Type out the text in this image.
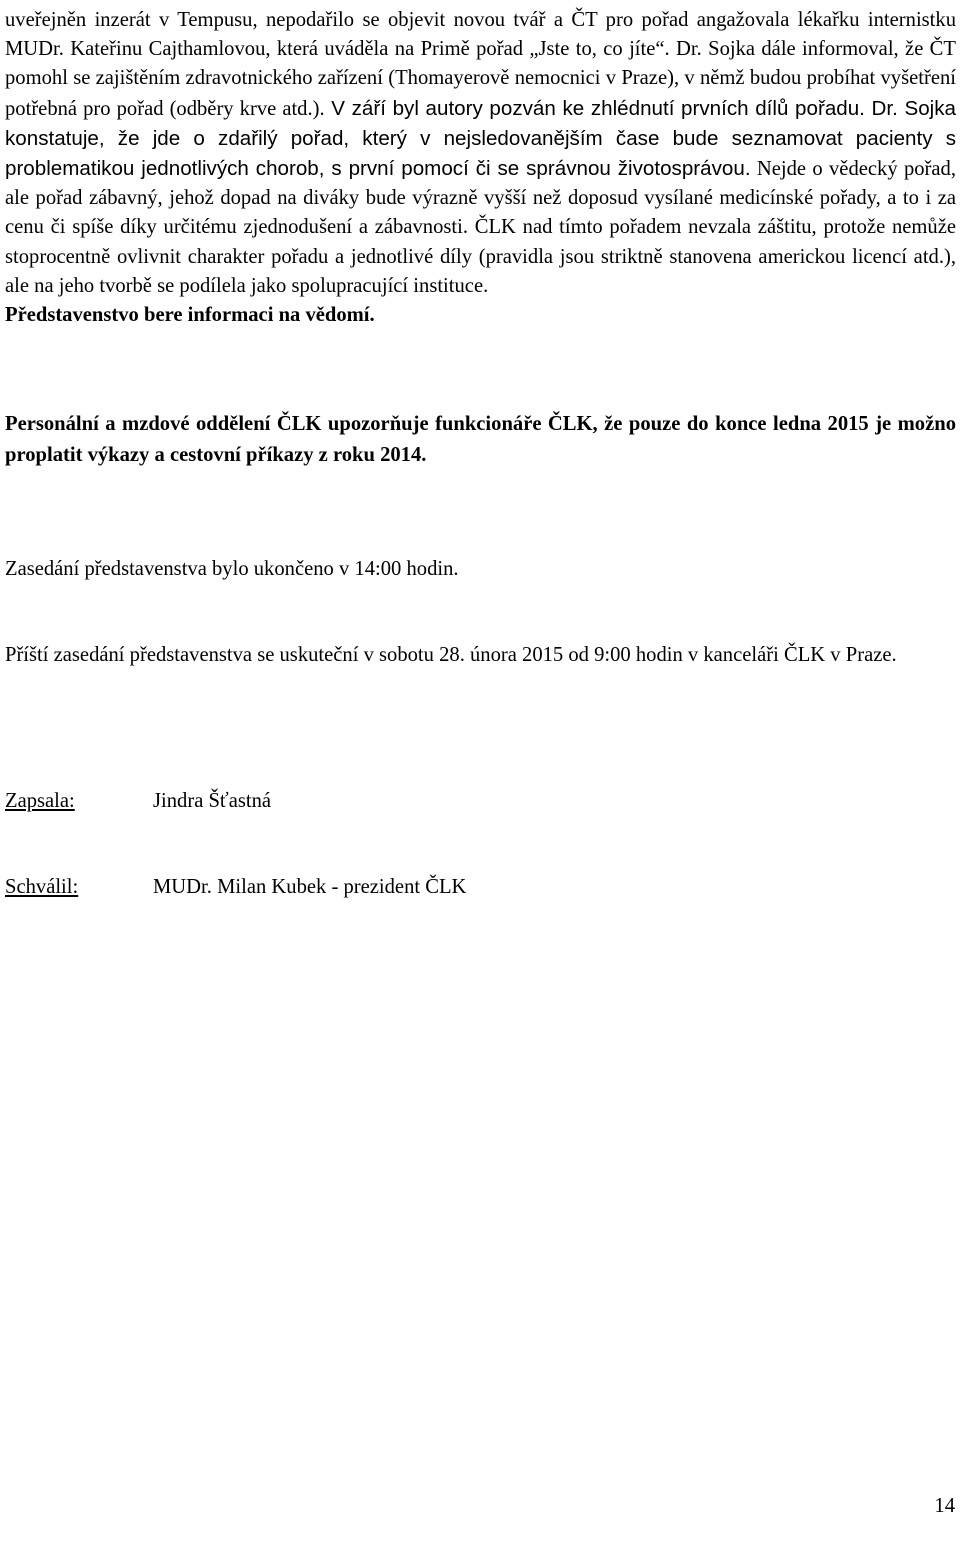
uveřejněn inzerát v Tempusu, nepodařilo se objevit novou tvář a ČT pro pořad angažovala lékařku internistku MUDr. Kateřinu Cajthamlovou, která uváděla na Primě pořad „Jste to, co jíte“. Dr. Sojka dále informoval, že ČT pomohl se zajištěním zdravotnického zařízení (Thomayerově nemocnici v Praze), v němž budou probíhat vyšetření potřebná pro pořad (odběry krve atd.). V září byl autory pozván ke zhlédnutí prvních dílů pořadu. Dr. Sojka konstatuje, že jde o zdařilý pořad, který v nejsledovanějším čase bude seznamovat pacienty s problematikou jednotlivých chorob, s první pomocí či se správnou životosprávou. Nejde o vědecký pořad, ale pořad zábavný, jehož dopad na diváky bude výrazně vyšší než doposud vysílané medicínské pořady, a to i za cenu či spíše díky určitému zjednodušení a zábavnosti. ČLK nad tímto pořadem nevzala záštitu, protože nemůže stoprocentně ovlivnit charakter pořadu a jednotlivé díly (pravidla jsou striktně stanovena americkou licencí atd.), ale na jeho tvorbě se podílela jako spolupracující instituce.
Představenstvo bere informaci na vědomí.

Personální a mzdové oddělení ČLK upozorňuje funkcionáře ČLK, že pouze do konce ledna 2015 je možno proplatit výkazy a cestovní příkazy z roku 2014.

Zasedání představenstva bylo ukončeno v 14:00 hodin.

Příští zasedání představenstva se uskuteční v sobotu 28. února 2015 od 9:00 hodin v kanceláři ČLK v Praze.

Zapsala:	Jindra Šťastná
Schválil:	MUDr. Milan Kubek - prezident ČLK
14
